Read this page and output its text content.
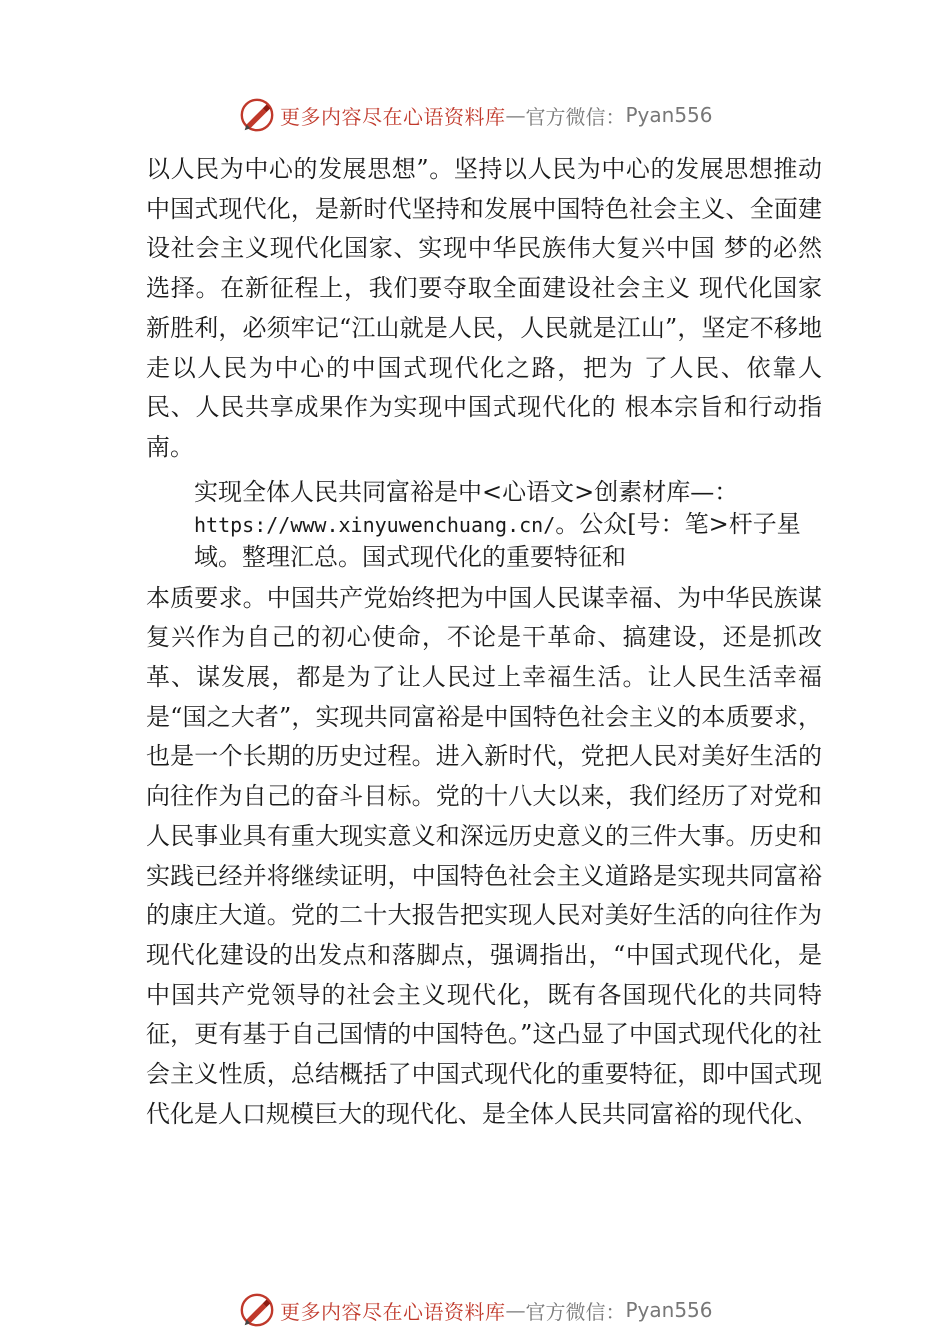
更多内容尽在心语资料库 — 官方微信： Pyan556

以人民为中心的发展思想”。坚持以人民为中心的发展思想推动中国式现代化，是新时代坚持和发展中国特色社会主义、全面建设社会主义现代化国家、实现中华民族伟大复兴中国 梦的必然选择。在新征程上，我们要夺取全面建设社会主义 现代化国家新胜利，必须牢记“江山就是人民，人民就是江山”，坚定不移地走以人民为中心的中国式现代化之路，把为 了人民、依靠人民、人民共享成果作为实现中国式现代化的 根本宗旨和行动指南。

实现全体人民共同富裕是中<心语文>创素材库—：https://www.xinyuwenchuang.cn/。公众[号：笔>杆子星域。整理汇总。国式现代化的重要特征和

本质要求。中国共产党始终把为中国人民谋幸福、为中华民族谋复兴作为自己的初心使命，不论是干革命、搞建设，还是抓改革、谋发展，都是为了让人民过上幸福生活。让人民生活幸福是“国之大者”，实现共同富裕是中国特色社会主义的本质要求，也是一个长期的历史过程。进入新时代，党把人民对美好生活的向往作为自己的奋斗目标。党的十八大以来，我们经历了对党和人民事业具有重大现实意义和深远历史意义的三件大事。历史和实践已经并将继续证明，中国特色社会主义道路是实现共同富裕的康庄大道。党的二十大报告把实现人民对美好生活的向往作为现代化建设的出发点和落脚点，强调指出，“中国式现代化，是中国共产党领导的社会主义现代化，既有各国现代化的共同特征，更有基于自己国情的中国特色。”这凸显了中国式现代化的社会主义性质，总结概括了中国式现代化的重要特征，即中国式现代化是人口规模巨大的现代化、是全体人民共同富裕的现代化、

更多内容尽在心语资料库 — 官方微信： Pyan556
